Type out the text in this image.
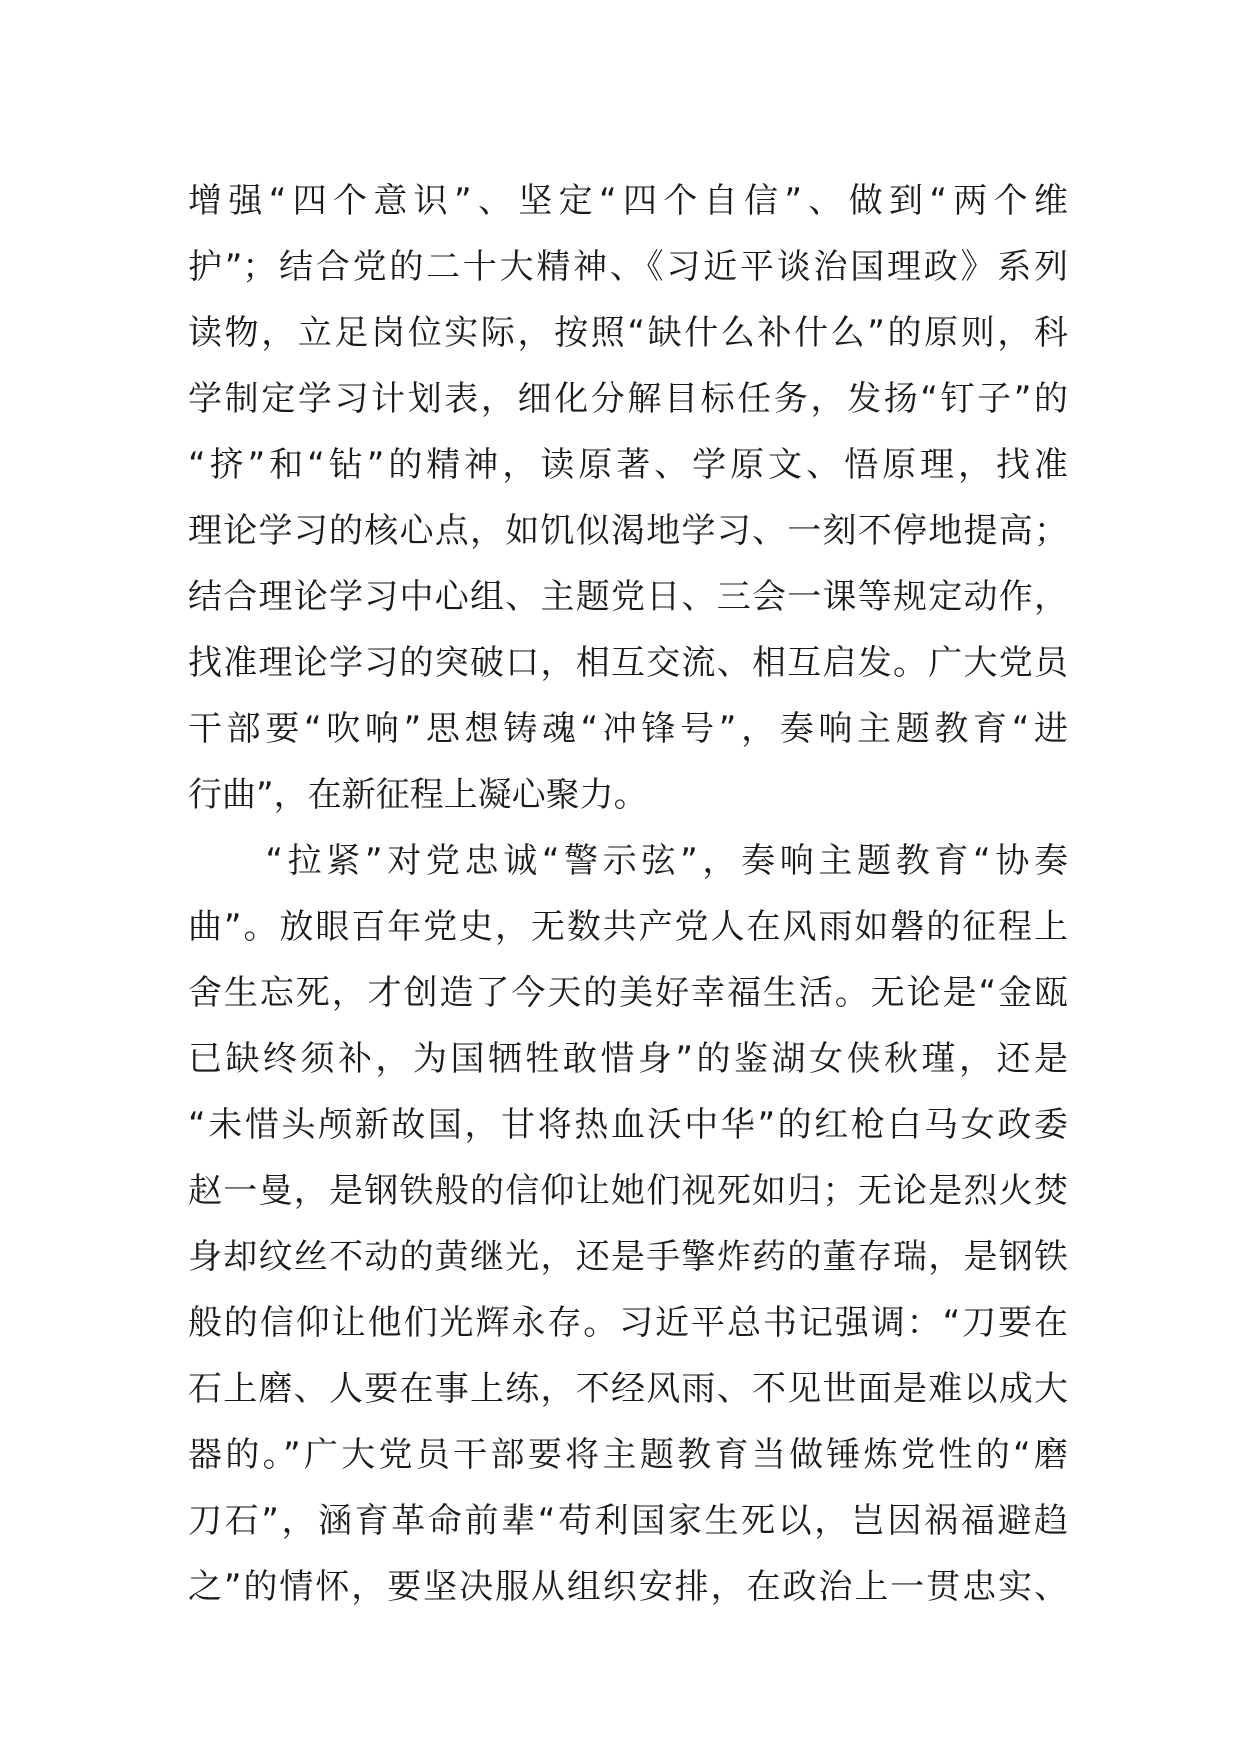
增强“四个意识”、坚定“四个自信”、做到“两个维
护”；结合党的二十大精神、《习近平谈治国理政》系列
读物，立足岗位实际，按照“缺什么补什么”的原则，科
学制定学习计划表，细化分解目标任务，发扬“钉子”的
“挤”和“钻”的精神，读原著、学原文、悟原理，找准
理论学习的核心点，如饥似渴地学习、一刻不停地提高；
结合理论学习中心组、主题党日、三会一课等规定动作，
找准理论学习的突破口，相互交流、相互启发。广大党员
干部要“吹响”思想铸魂“冲锋号”，奏响主题教育“进
行曲”，在新征程上凝心聚力。
　　“拉紧”对党忠诚“警示弦”，奏响主题教育“协奏
曲”。放眼百年党史，无数共产党人在风雨如磐的征程上
舍生忘死，才创造了今天的美好幸福生活。无论是“金瓯
已缺终须补，为国牺牲敢惜身”的鉴湖女侠秋瑾，还是
“未惜头颅新故国，甘将热血沃中华”的红枪白马女政委
赵一曼，是钢铁般的信仰让她们视死如归；无论是烈火焚
身却纹丝不动的黄继光，还是手擎炸药的董存瑞，是钢铁
般的信仰让他们光辉永存。习近平总书记强调：“刀要在
石上磨、人要在事上练，不经风雨、不见世面是难以成大
器的。”广大党员干部要将主题教育当做锤炼党性的“磨
刀石”，涵育革命前辈“苟利国家生死以，岂因祸福避趋
之”的情怀，要坚决服从组织安排，在政治上一贯忠实、
